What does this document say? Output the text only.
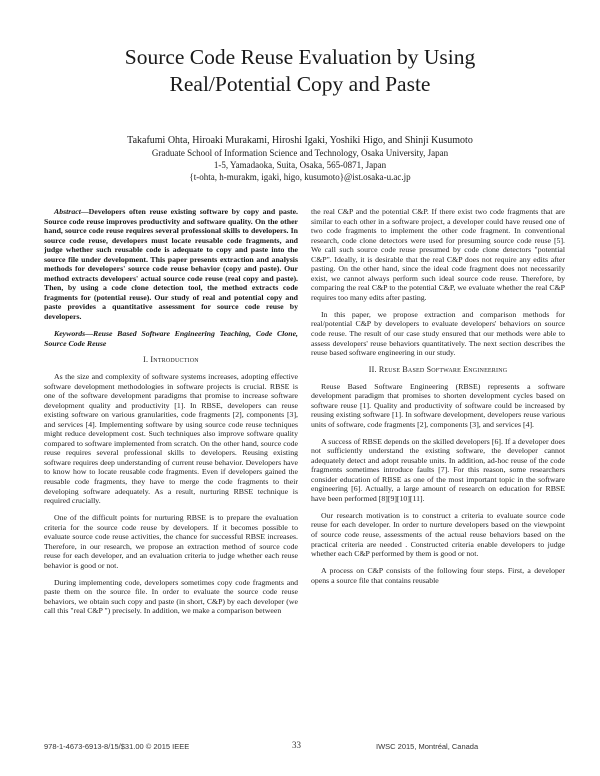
Source Code Reuse Evaluation by Using
Real/Potential Copy and Paste
Takafumi Ohta, Hiroaki Murakami, Hiroshi Igaki, Yoshiki Higo, and Shinji Kusumoto
Graduate School of Information Science and Technology, Osaka University, Japan
1-5, Yamadaoka, Suita, Osaka, 565-0871, Japan
{t-ohta, h-murakm, igaki, higo, kusumoto}@ist.osaka-u.ac.jp

Abstract—Developers often reuse existing software by copy and paste. Source code reuse improves productivity and software quality. On the other hand, source code reuse requires several professional skills to developers. In source code reuse, developers must locate reusable code fragments, and judge whether such reusable code is adequate to copy and paste into the source file under development. This paper presents extraction and analysis methods for developers' source code reuse behavior (copy and paste). Our method extracts developers' actual source code reuse (real copy and paste). Then, by using a code clone detection tool, the method extracts code fragments for (potential reuse). Our study of real and potential copy and paste provides a quantitative assessment for source code reuse by developers.

Keywords—Reuse Based Software Engineering Teaching, Code Clone, Source Code Reuse

I. Introduction

As the size and complexity of software systems increases, adopting effective software development methodologies in software projects is crucial. RBSE is one of the software development paradigms that promise to increase software development quality and productivity [1]. In RBSE, developers can reuse existing software on various granularities, code fragments [2], components [3], and services [4]. Implementing software by using source code reuse techniques might reduce development cost. Such techniques also improve software quality compared to software implemented from scratch. On the other hand, source code reuse requires several professional skills to developers. Reusing existing software requires deep understanding of current reuse behavior. Developers have to know how to locate reusable code fragments. Even if developers gained the reusable code fragments, they have to merge the code fragments to their developing software adequately. As a result, nurturing RBSE technique is required crucially.

One of the difficult points for nurturing RBSE is to prepare the evaluation criteria for the source code reuse by developers. If it becomes possible to evaluate source code reuse activities, the chance for successful RBSE increases. Therefore, in our research, we propose an extraction method of source code reuse for each developer, and an evaluation criteria to judge whether each reuse behavior is good or not.

During implementing code, developers sometimes copy code fragments and paste them on the source file. In order to evaluate the source code reuse behaviors, we obtain such copy and paste (in short, C&P) by each developer (we call this "real C&P ") precisely. In addition, we make a comparison between

the real C&P and the potential C&P. If there exist two code fragments that are similar to each other in a software project, a developer could have reused one of two code fragments to implement the other code fragment. In conventional research, code clone detectors were used for presuming source code reuse [5]. We call such source code reuse presumed by code clone detectors "potential C&P". Ideally, it is desirable that the real C&P does not require any edits after pasting. On the other hand, since the ideal code fragment does not necessarily exist, we cannot always perform such ideal source code reuse. Therefore, by comparing the real C&P to the potential C&P, we evaluate whether the real C&P requires too many edits after pasting.

In this paper, we propose extraction and comparison methods for real/potential C&P by developers to evaluate developers' behaviors on source code reuse. The result of our case study ensured that our methods were able to assess developers' reuse behaviors quantitatively. The next section describes the reuse based software engineering in our study.

II. Reuse Based Software Engineering

Reuse Based Software Engineering (RBSE) represents a software development paradigm that promises to shorten development cycles based on software reuse [1]. Quality and productivity of software could be increased by reusing existing software [1]. In software development, developers reuse various units of software, code fragments [2], components [3], and services [4].

A success of RBSE depends on the skilled developers [6]. If a developer does not sufficiently understand the existing software, the developer cannot adequately detect and adopt reusable units. In addition, ad-hoc reuse of the code fragments sometimes introduce faults [7]. For this reason, some researchers consider education of RBSE as one of the most important topic in the software engineering [6]. Actually, a large amount of research on education for RBSE have been performed [8][9][10][11].

Our research motivation is to construct a criteria to evaluate source code reuse for each developer. In order to nurture developers based on the viewpoint of source code reuse, assessments of the actual reuse behaviors based on the practical criteria are needed . Constructed criteria enable developers to judge whether each C&P performed by them is good or not.

A process on C&P consists of the following four steps. First, a developer opens a source file that contains reusable

978-1-4673-6913-8/15/$31.00 © 2015 IEEE	33	IWSC 2015, Montréal, Canada
